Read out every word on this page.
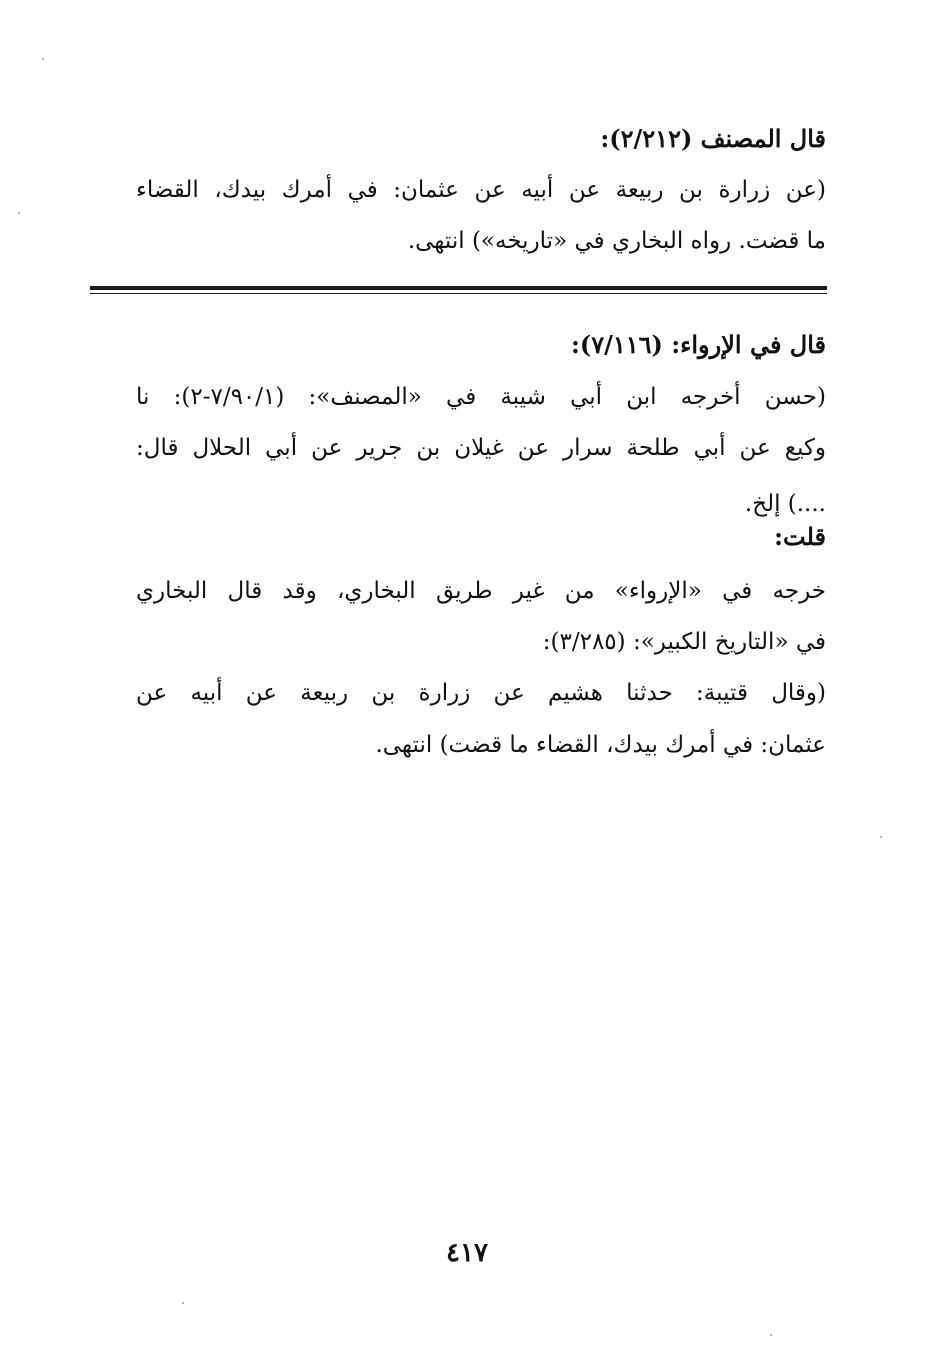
قال المصنف (٢/٢١٢):
(عن زرارة بن ربيعة عن أبيه عن عثمان: في أمرك بيدك، القضاء
ما قضت. رواه البخاري في «تاريخه») انتهى.
قال في الإرواء: (٧/١١٦):
(حسن أخرجه ابن أبي شيبة في «المصنف»: (٧/٩٠/١-٢): نا
وكيع عن أبي طلحة سرار عن غيلان بن جرير عن أبي الحلال قال:
....) إلخ.
قلت:
خرجه في «الإرواء» من غير طريق البخاري، وقد قال البخاري
في «التاريخ الكبير»: (٣/٢٨٥):
(وقال قتيبة: حدثنا هشيم عن زرارة بن ربيعة عن أبيه عن
عثمان: في أمرك بيدك، القضاء ما قضت) انتهى.
٤١٧
